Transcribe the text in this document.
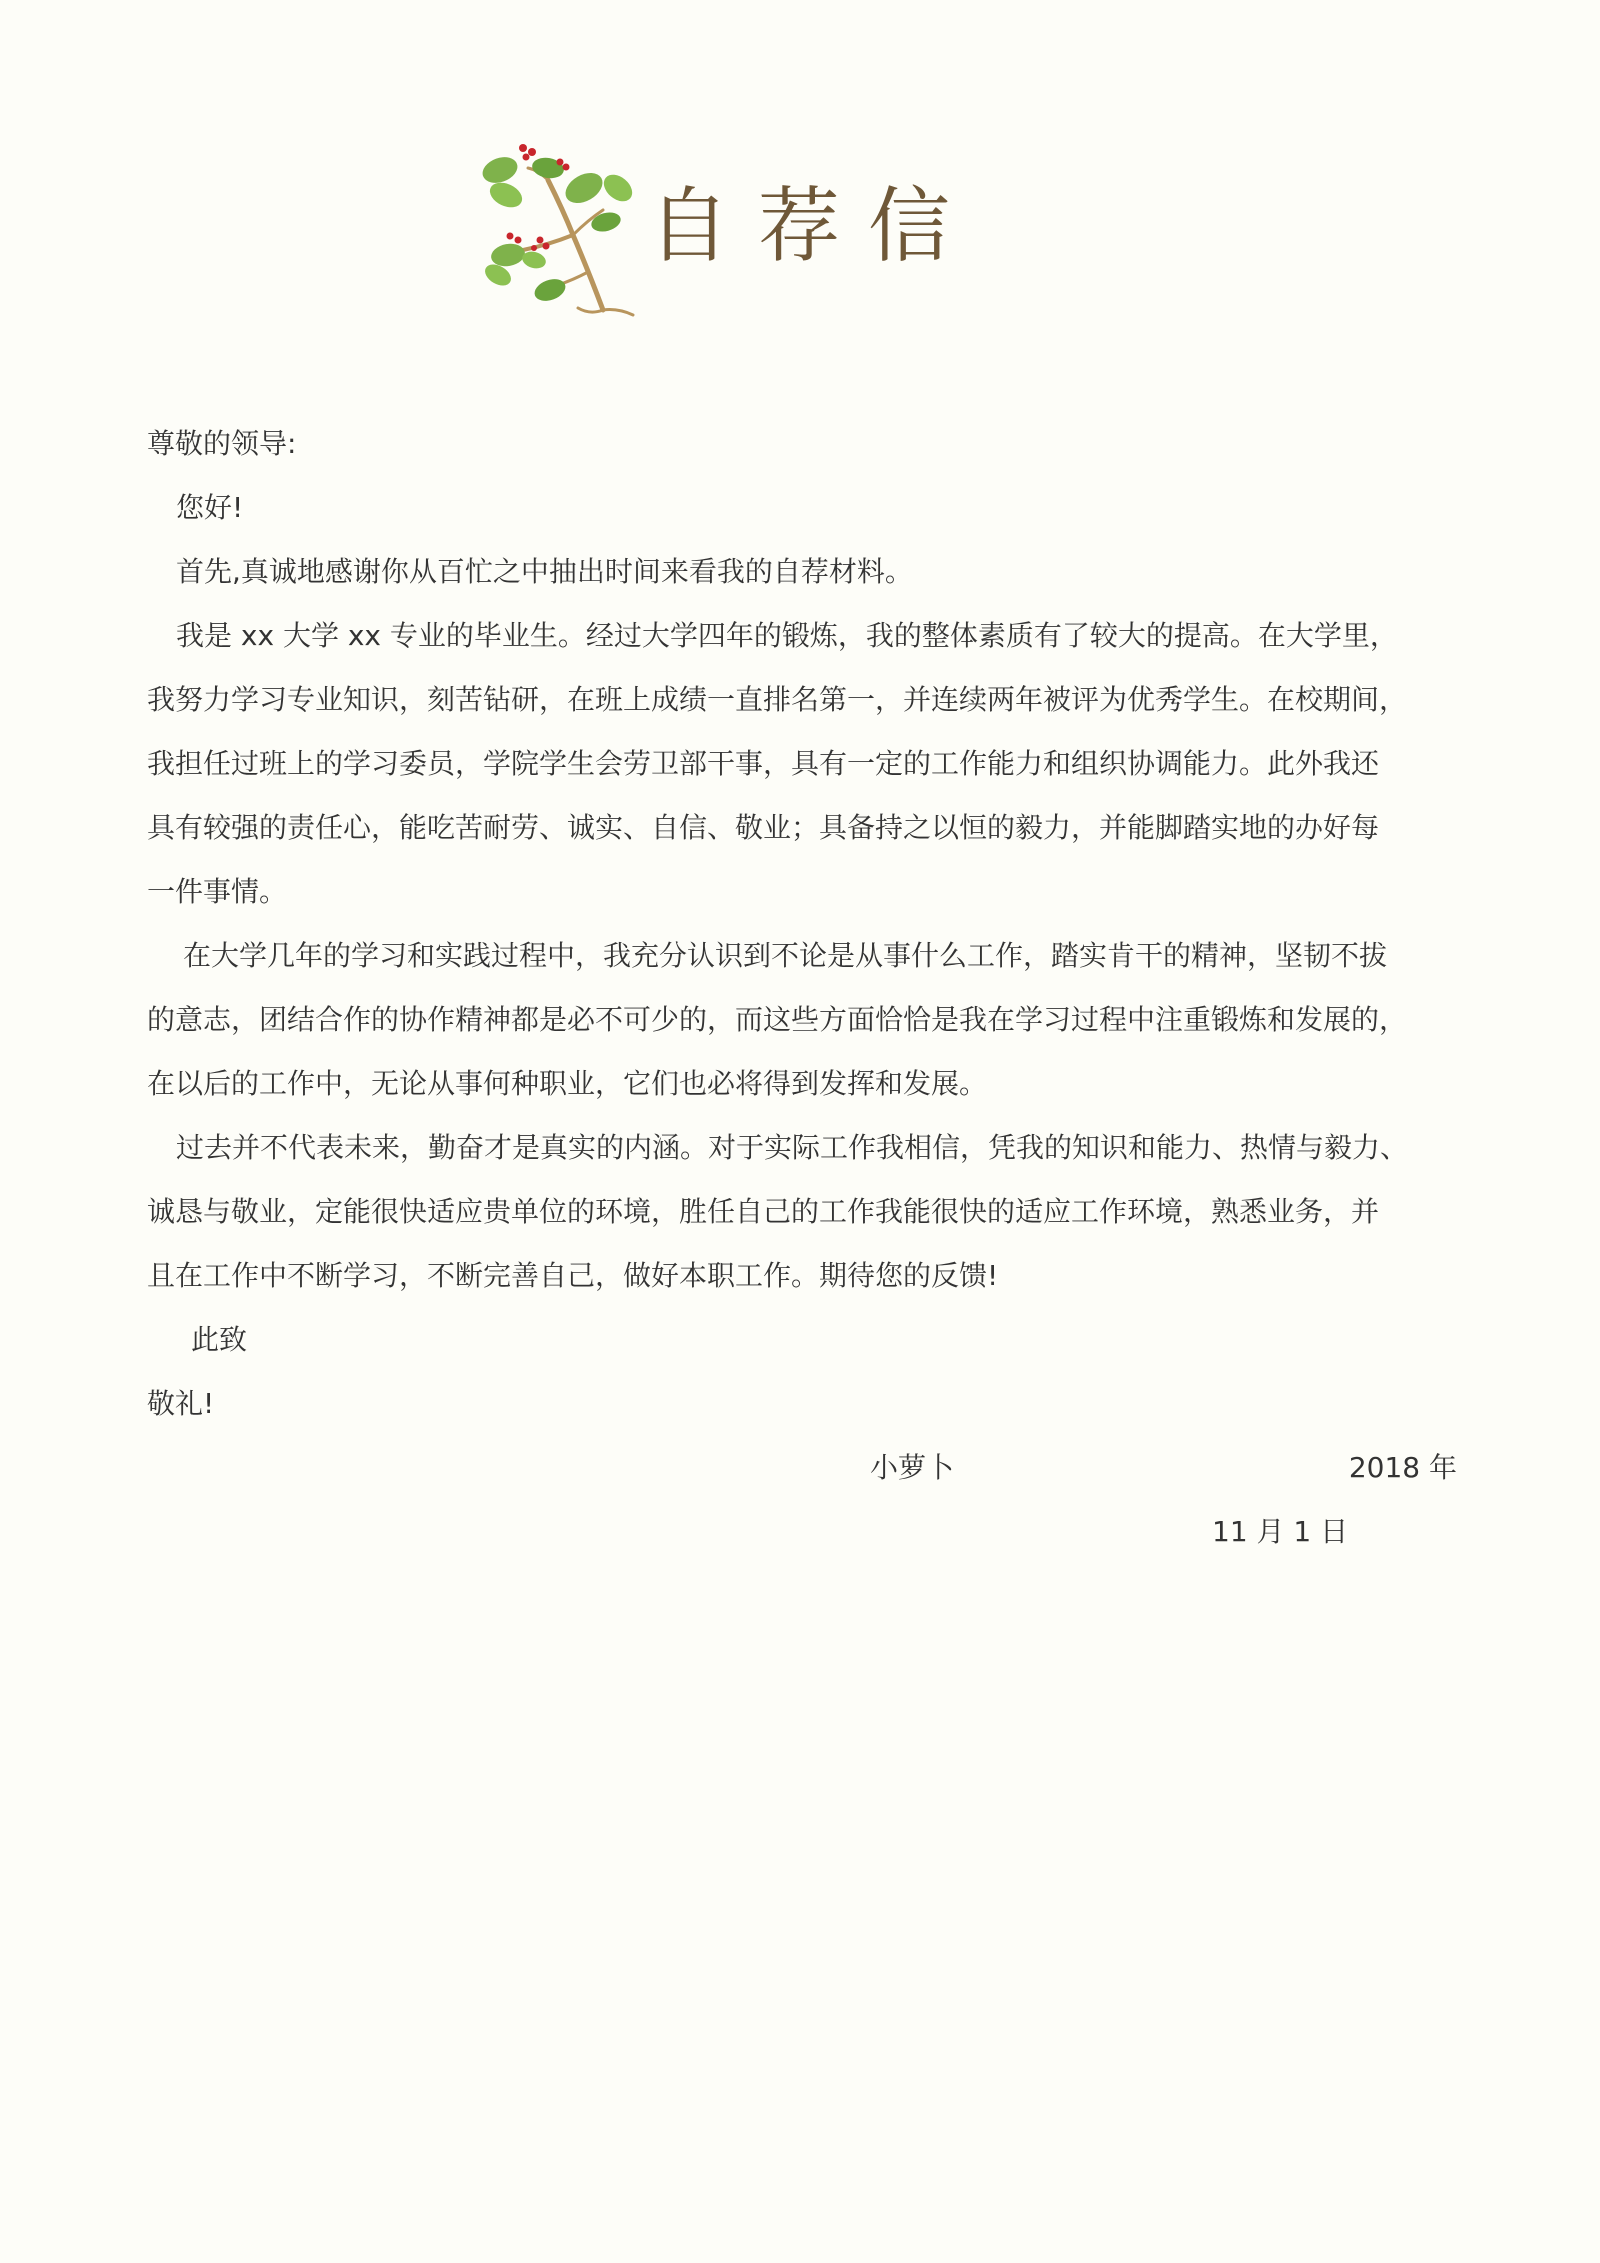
自荐信
尊敬的领导:
您好!
首先,真诚地感谢你从百忙之中抽出时间来看我的自荐材料。
我是 xx 大学 xx 专业的毕业生。经过大学四年的锻炼，我的整体素质有了较大的提高。在大学里，
我努力学习专业知识，刻苦钻研，在班上成绩一直排名第一，并连续两年被评为优秀学生。在校期间，
我担任过班上的学习委员，学院学生会劳卫部干事，具有一定的工作能力和组织协调能力。此外我还
具有较强的责任心，能吃苦耐劳、诚实、自信、敬业；具备持之以恒的毅力，并能脚踏实地的办好每
一件事情。
在大学几年的学习和实践过程中，我充分认识到不论是从事什么工作，踏实肯干的精神，坚韧不拔
的意志，团结合作的协作精神都是必不可少的，而这些方面恰恰是我在学习过程中注重锻炼和发展的，
在以后的工作中，无论从事何种职业，它们也必将得到发挥和发展。
过去并不代表未来，勤奋才是真实的内涵。对于实际工作我相信，凭我的知识和能力、热情与毅力、
诚恳与敬业，定能很快适应贵单位的环境，胜任自己的工作我能很快的适应工作环境，熟悉业务，并
且在工作中不断学习，不断完善自己，做好本职工作。期待您的反馈!
此致
敬礼!
小萝卜	2018 年
11 月 1 日
